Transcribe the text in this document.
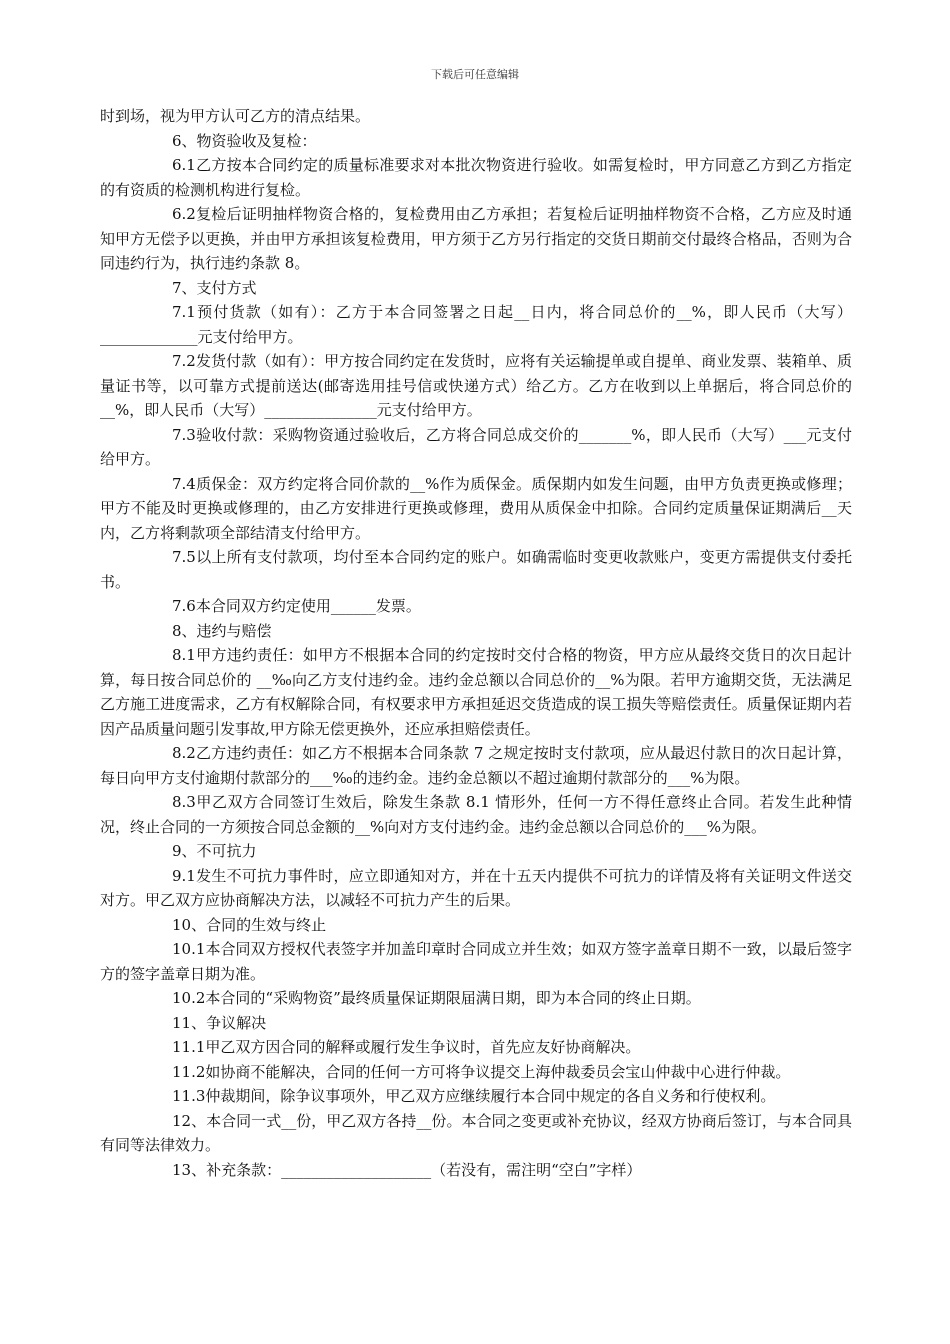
下载后可任意编辑

时到场，视为甲方认可乙方的清点结果。

6、物资验收及复检：

6.1乙方按本合同约定的质量标准要求对本批次物资进行验收。如需复检时，甲方同意乙方到乙方指定的有资质的检测机构进行复检。

6.2复检后证明抽样物资合格的，复检费用由乙方承担；若复检后证明抽样物资不合格，乙方应及时通知甲方无偿予以更换，并由甲方承担该复检费用，甲方须于乙方另行指定的交货日期前交付最终合格品，否则为合同违约行为，执行违约条款 8。

7、支付方式

7.1预付货款（如有）：乙方于本合同签署之日起__日内，将合同总价的__%，即人民币（大写）_____________元支付给甲方。

7.2发货付款（如有）：甲方按合同约定在发货时，应将有关运输提单或自提单、商业发票、装箱单、质量证书等，以可靠方式提前送达(邮寄选用挂号信或快递方式）给乙方。乙方在收到以上单据后，将合同总价的__%，即人民币（大写）_______________元支付给甲方。

7.3验收付款：采购物资通过验收后，乙方将合同总成交价的_______%，即人民币（大写）___元支付给甲方。

7.4质保金：双方约定将合同价款的__%作为质保金。质保期内如发生问题，由甲方负责更换或修理；甲方不能及时更换或修理的，由乙方安排进行更换或修理，费用从质保金中扣除。合同约定质量保证期满后__天内，乙方将剩款项全部结清支付给甲方。

7.5以上所有支付款项，均付至本合同约定的账户。如确需临时变更收款账户，变更方需提供支付委托书。

7.6本合同双方约定使用______发票。

8、违约与赔偿

8.1甲方违约责任：如甲方不根据本合同的约定按时交付合格的物资，甲方应从最终交货日的次日起计算，每日按合同总价的 __‰向乙方支付违约金。违约金总额以合同总价的__%为限。若甲方逾期交货，无法满足乙方施工进度需求，乙方有权解除合同，有权要求甲方承担延迟交货造成的误工损失等赔偿责任。质量保证期内若因产品质量问题引发事故,甲方除无偿更换外，还应承担赔偿责任。

8.2乙方违约责任：如乙方不根据本合同条款 7 之规定按时支付款项，应从最迟付款日的次日起计算，每日向甲方支付逾期付款部分的___‰的违约金。违约金总额以不超过逾期付款部分的___%为限。

8.3甲乙双方合同签订生效后，除发生条款 8.1 情形外，任何一方不得任意终止合同。若发生此种情况，终止合同的一方须按合同总金额的__%向对方支付违约金。违约金总额以合同总价的___%为限。

9、不可抗力

9.1发生不可抗力事件时，应立即通知对方，并在十五天内提供不可抗力的详情及将有关证明文件送交对方。甲乙双方应协商解决方法，以减轻不可抗力产生的后果。

10、合同的生效与终止

10.1本合同双方授权代表签字并加盖印章时合同成立并生效；如双方签字盖章日期不一致，以最后签字方的签字盖章日期为准。

10.2本合同的“采购物资”最终质量保证期限届满日期，即为本合同的终止日期。

11、争议解决

11.1甲乙双方因合同的解释或履行发生争议时，首先应友好协商解决。

11.2如协商不能解决，合同的任何一方可将争议提交上海仲裁委员会宝山仲裁中心进行仲裁。

11.3仲裁期间，除争议事项外，甲乙双方应继续履行本合同中规定的各自义务和行使权利。

12、本合同一式__份，甲乙双方各持__份。本合同之变更或补充协议，经双方协商后签订，与本合同具有同等法律效力。

13、补充条款：____________________（若没有，需注明“空白”字样）
